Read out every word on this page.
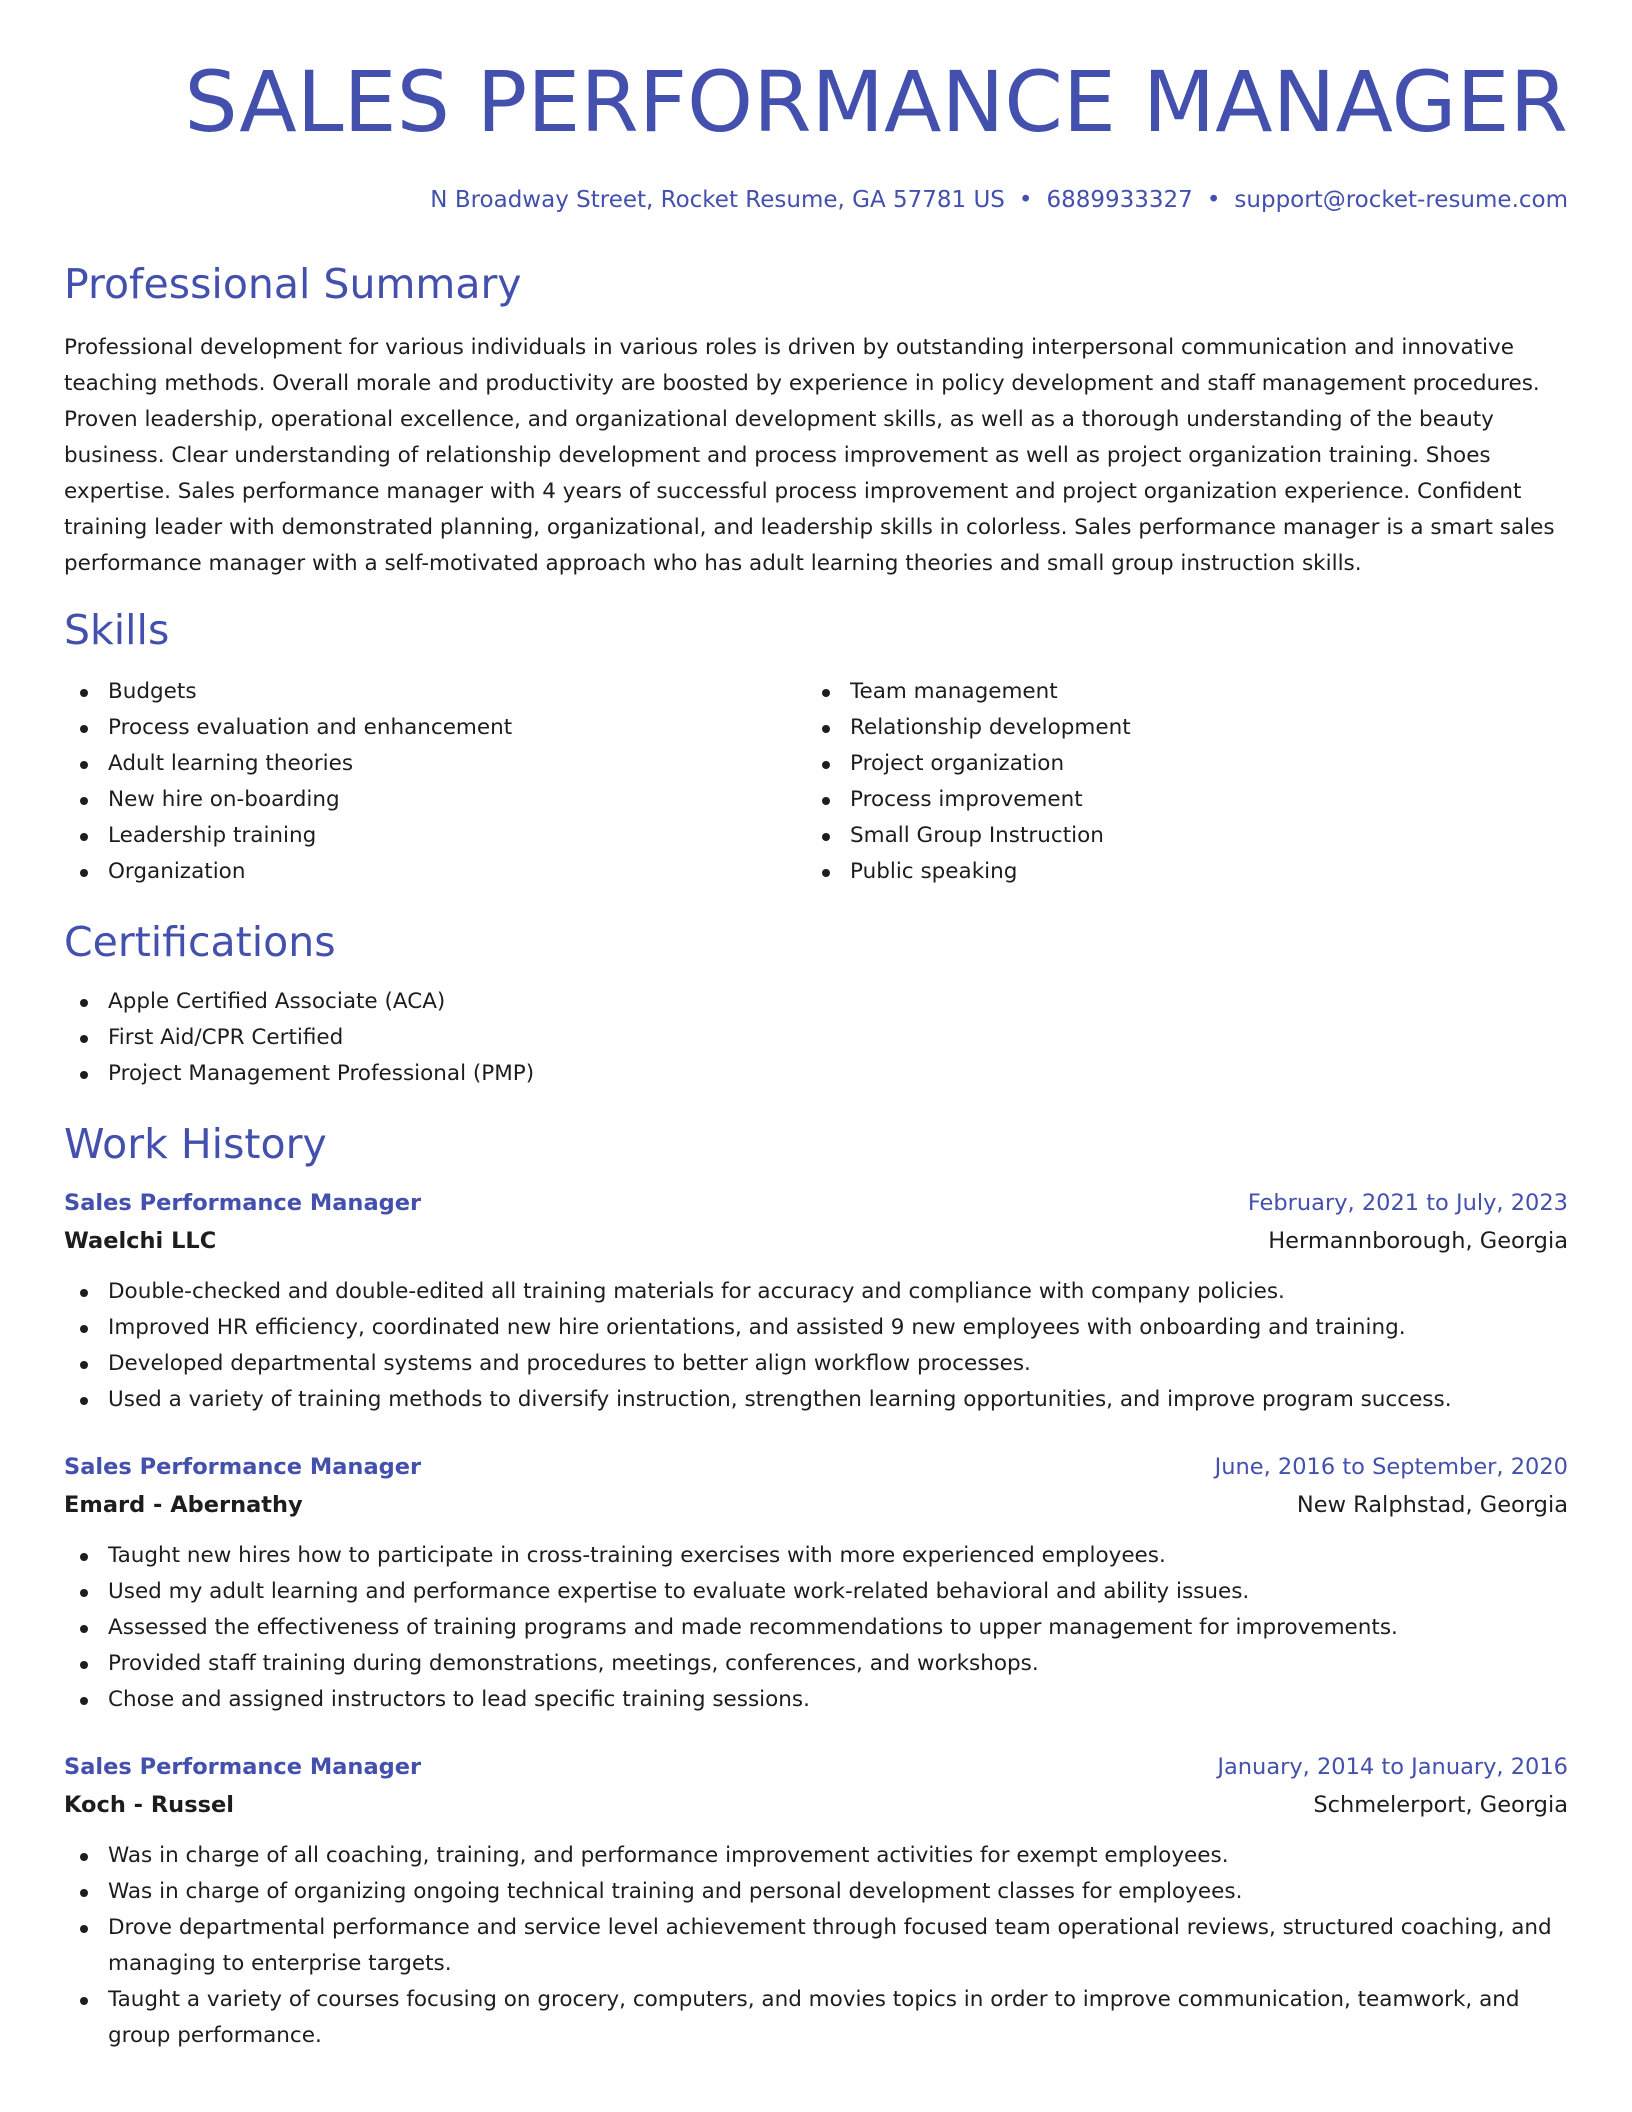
SALES PERFORMANCE MANAGER
N Broadway Street, Rocket Resume, GA 57781 US • 6889933327 • support@rocket-resume.com
Professional Summary

Professional development for various individuals in various roles is driven by outstanding interpersonal communication and innovative teaching methods. Overall morale and productivity are boosted by experience in policy development and staff management procedures. Proven leadership, operational excellence, and organizational development skills, as well as a thorough understanding of the beauty business. Clear understanding of relationship development and process improvement as well as project organization training. Shoes expertise. Sales performance manager with 4 years of successful process improvement and project organization experience. Confident training leader with demonstrated planning, organizational, and leadership skills in colorless. Sales performance manager is a smart sales performance manager with a self-motivated approach who has adult learning theories and small group instruction skills.

Skills
Budgets
Process evaluation and enhancement
Adult learning theories
New hire on-boarding
Leadership training
Organization
Team management
Relationship development
Project organization
Process improvement
Small Group Instruction
Public speaking
Certifications
Apple Certified Associate (ACA)
First Aid/CPR Certified
Project Management Professional (PMP)
Work History
Sales Performance Manager	February, 2021 to July, 2023
Waelchi LLC	Hermannborough, Georgia
Double-checked and double-edited all training materials for accuracy and compliance with company policies.
Improved HR efficiency, coordinated new hire orientations, and assisted 9 new employees with onboarding and training.
Developed departmental systems and procedures to better align workflow processes.
Used a variety of training methods to diversify instruction, strengthen learning opportunities, and improve program success.
Sales Performance Manager	June, 2016 to September, 2020
Emard - Abernathy	New Ralphstad, Georgia
Taught new hires how to participate in cross-training exercises with more experienced employees.
Used my adult learning and performance expertise to evaluate work-related behavioral and ability issues.
Assessed the effectiveness of training programs and made recommendations to upper management for improvements.
Provided staff training during demonstrations, meetings, conferences, and workshops.
Chose and assigned instructors to lead specific training sessions.
Sales Performance Manager	January, 2014 to January, 2016
Koch - Russel	Schmelerport, Georgia
Was in charge of all coaching, training, and performance improvement activities for exempt employees.
Was in charge of organizing ongoing technical training and personal development classes for employees.
Drove departmental performance and service level achievement through focused team operational reviews, structured coaching, and managing to enterprise targets.
Taught a variety of courses focusing on grocery, computers, and movies topics in order to improve communication, teamwork, and group performance.
